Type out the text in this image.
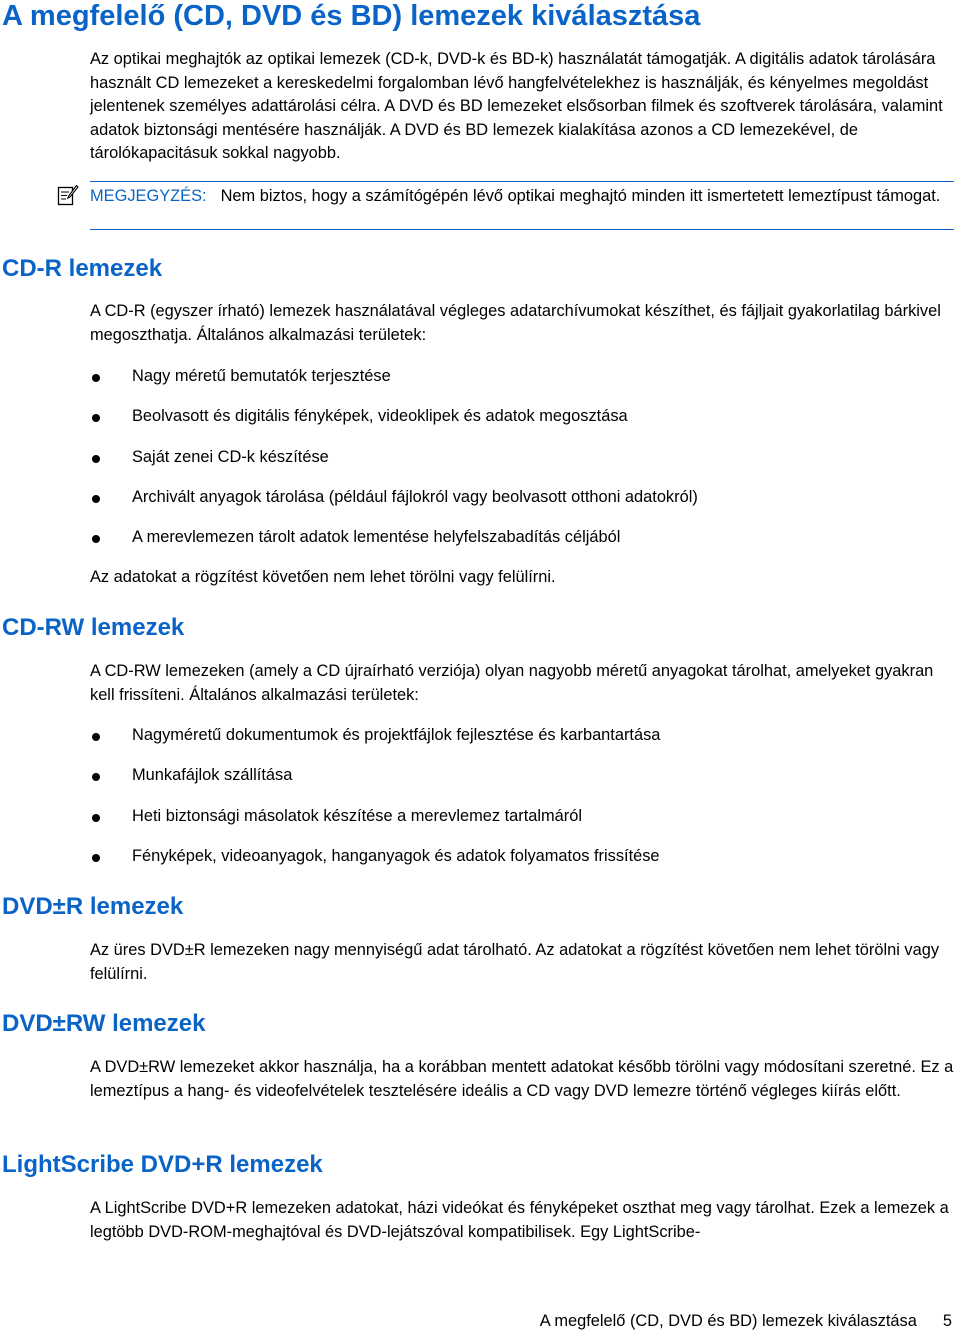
A megfelelő (CD, DVD és BD) lemezek kiválasztása

Az optikai meghajtók az optikai lemezek (CD-k, DVD-k és BD-k) használatát támogatják. A digitális adatok tárolására használt CD lemezeket a kereskedelmi forgalomban lévő hangfelvételekhez is használják, és kényelmes megoldást jelentenek személyes adattárolási célra. A DVD és BD lemezeket elsősorban filmek és szoftverek tárolására, valamint adatok biztonsági mentésére használják. A DVD és BD lemezek kialakítása azonos a CD lemezekével, de tárolókapacitásuk sokkal nagyobb.

MEGJEGYZÉS: Nem biztos, hogy a számítógépén lévő optikai meghajtó minden itt ismertetett lemeztípust támogat.

CD-R lemezek

A CD-R (egyszer írható) lemezek használatával végleges adatarchívumokat készíthet, és fájljait gyakorlatilag bárkivel megoszthatja. Általános alkalmazási területek:

Nagy méretű bemutatók terjesztése
Beolvasott és digitális fényképek, videoklipek és adatok megosztása
Saját zenei CD-k készítése
Archivált anyagok tárolása (például fájlokról vagy beolvasott otthoni adatokról)
A merevlemezen tárolt adatok lementése helyfelszabadítás céljából

Az adatokat a rögzítést követően nem lehet törölni vagy felülírni.

CD-RW lemezek

A CD-RW lemezeken (amely a CD újraírható verziója) olyan nagyobb méretű anyagokat tárolhat, amelyeket gyakran kell frissíteni. Általános alkalmazási területek:

Nagyméretű dokumentumok és projektfájlok fejlesztése és karbantartása
Munkafájlok szállítása
Heti biztonsági másolatok készítése a merevlemez tartalmáról
Fényképek, videoanyagok, hanganyagok és adatok folyamatos frissítése
DVD±R lemezek

Az üres DVD±R lemezeken nagy mennyiségű adat tárolható. Az adatokat a rögzítést követően nem lehet törölni vagy felülírni.

DVD±RW lemezek

A DVD±RW lemezeket akkor használja, ha a korábban mentett adatokat később törölni vagy módosítani szeretné. Ez a lemeztípus a hang- és videofelvételek tesztelésére ideális a CD vagy DVD lemezre történő végleges kiírás előtt.

LightScribe DVD+R lemezek

A LightScribe DVD+R lemezeken adatokat, házi videókat és fényképeket oszthat meg vagy tárolhat. Ezek a lemezek a legtöbb DVD-ROM-meghajtóval és DVD-lejátszóval kompatibilisek. Egy LightScribe-

A megfelelő (CD, DVD és BD) lemezek kiválasztása 5
